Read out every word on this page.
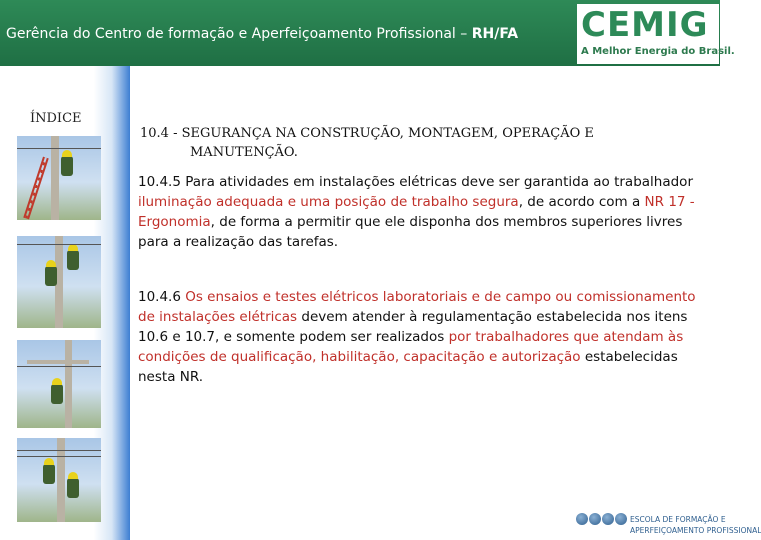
Gerência do Centro de formação e Aperfeiçoamento Profissional – RH/FA CEMIG
A Melhor Energia do Brasil.
ÍNDICE
10.4 - SEGURANÇA NA CONSTRUÇÃO, MONTAGEM, OPERAÇÃO E
MANUTENÇÃO.
10.4.5 Para atividades em instalações elétricas deve ser garantida ao trabalhador iluminação adequada e uma posição de trabalho segura, de acordo com a NR 17 - Ergonomia, de forma a permitir que ele disponha dos membros superiores livres para a realização das tarefas.
10.4.6 Os ensaios e testes elétricos laboratoriais e de campo ou comissionamento de instalações elétricas devem atender à regulamentação estabelecida nos itens 10.6 e 10.7, e somente podem ser realizados por trabalhadores que atendam às condições de qualificação, habilitação, capacitação e autorização estabelecidas nesta NR.
ESCOLA DE FORMAÇÃO E
APERFEIÇOAMENTO PROFISSIONAL
